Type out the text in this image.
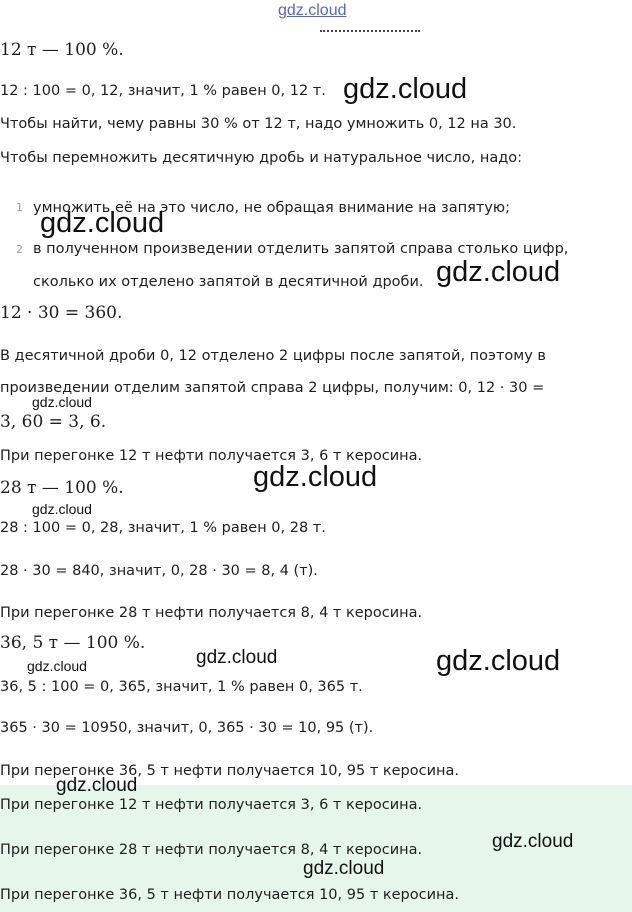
gdz.cloud
12 т — 100 %.
12 : 100 = 0, 12, значит, 1 % равен 0, 12 т.
Чтобы найти, чему равны 30 % от 12 т, надо умножить 0, 12 на 30.
Чтобы перемножить десятичную дробь и натуральное число, надо:
1 умножить её на это число, не обращая внимание на запятую;
2 в полученном произведении отделить запятой справа столько цифр,
сколько их отделено запятой в десятичной дроби.
12 · 30 = 360.
В десятичной дроби 0, 12 отделено 2 цифры после запятой, поэтому в
произведении отделим запятой справа 2 цифры, получим: 0, 12 · 30 =
3, 60 = 3, 6.
При перегонке 12 т нефти получается 3, 6 т керосина.
28 т — 100 %.
28 : 100 = 0, 28, значит, 1 % равен 0, 28 т.
28 · 30 = 840, значит, 0, 28 · 30 = 8, 4 (т).
При перегонке 28 т нефти получается 8, 4 т керосина.
36, 5 т — 100 %.
36, 5 : 100 = 0, 365, значит, 1 % равен 0, 365 т.
365 · 30 = 10950, значит, 0, 365 · 30 = 10, 95 (т).
При перегонке 36, 5 т нефти получается 10, 95 т керосина.
При перегонке 12 т нефти получается 3, 6 т керосина.
При перегонке 28 т нефти получается 8, 4 т керосина.
При перегонке 36, 5 т нефти получается 10, 95 т керосина.
gdz.cloud
gdz.cloud
gdz.cloud
gdz.cloud
gdz.cloud
gdz.cloud
gdz.cloud	gdz.cloud
gdz.cloud
gdz.cloud
gdz.cloud
gdz.cloud
